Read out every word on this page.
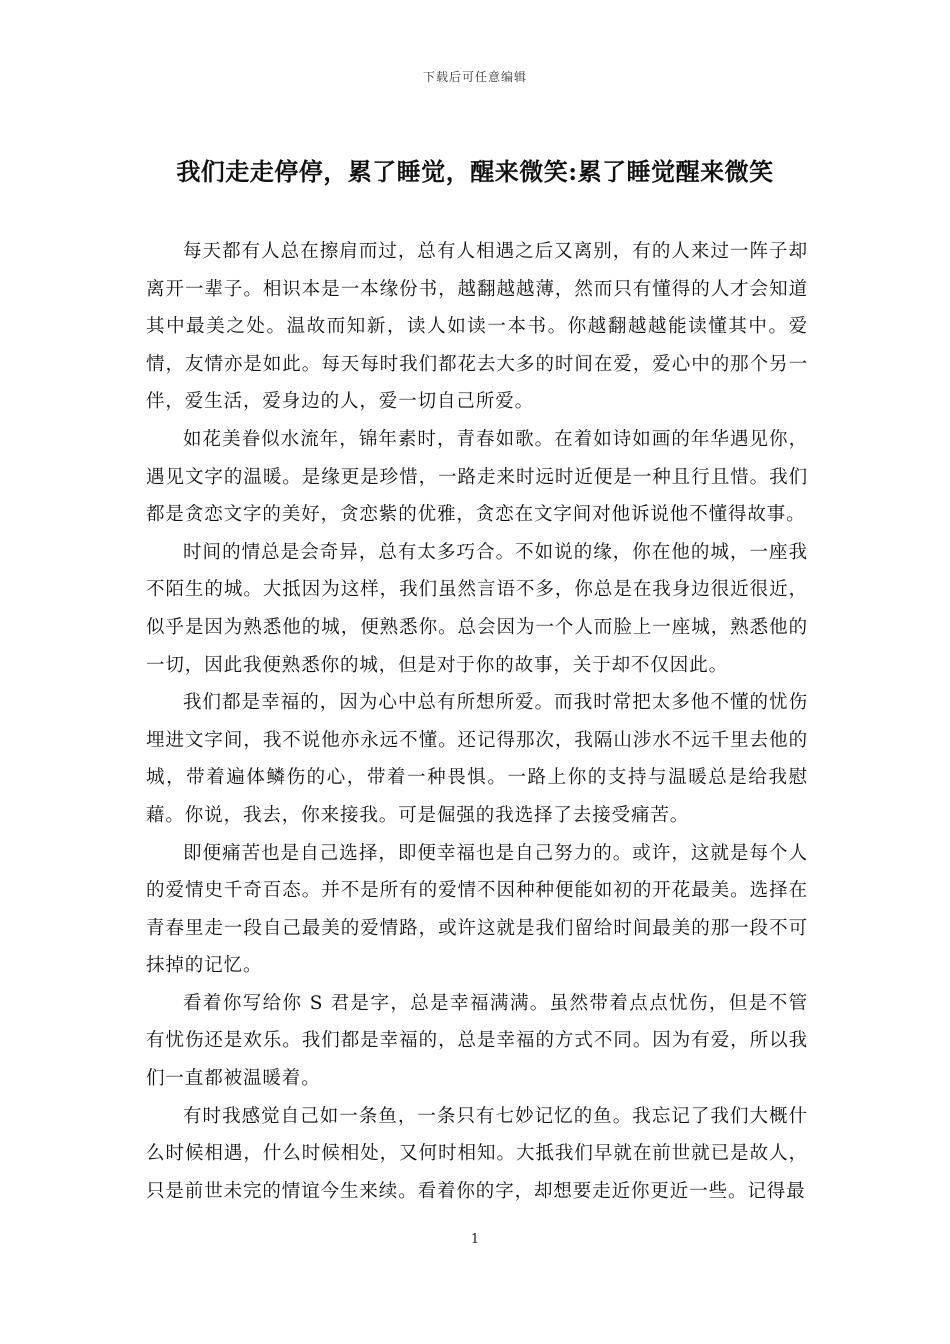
下载后可任意编辑
我们走走停停，累了睡觉，醒来微笑:累了睡觉醒来微笑

每天都有人总在擦肩而过，总有人相遇之后又离别，有的人来过一阵子却离开一辈子。相识本是一本缘份书，越翻越越薄，然而只有懂得的人才会知道其中最美之处。温故而知新，读人如读一本书。你越翻越越能读懂其中。爱情，友情亦是如此。每天每时我们都花去大多的时间在爱，爱心中的那个另一伴，爱生活，爱身边的人，爱一切自己所爱。

如花美眷似水流年，锦年素时，青春如歌。在着如诗如画的年华遇见你，遇见文字的温暖。是缘更是珍惜，一路走来时远时近便是一种且行且惜。我们都是贪恋文字的美好，贪恋紫的优雅，贪恋在文字间对他诉说他不懂得故事。

时间的情总是会奇异，总有太多巧合。不如说的缘，你在他的城，一座我不陌生的城。大抵因为这样，我们虽然言语不多，你总是在我身边很近很近，似乎是因为熟悉他的城，便熟悉你。总会因为一个人而脸上一座城，熟悉他的一切，因此我便熟悉你的城，但是对于你的故事，关于却不仅因此。

我们都是幸福的，因为心中总有所想所爱。而我时常把太多他不懂的忧伤埋进文字间，我不说他亦永远不懂。还记得那次，我隔山涉水不远千里去他的城，带着遍体鳞伤的心，带着一种畏惧。一路上你的支持与温暖总是给我慰藉。你说，我去，你来接我。可是倔强的我选择了去接受痛苦。

即便痛苦也是自己选择，即便幸福也是自己努力的。或许，这就是每个人的爱情史千奇百态。并不是所有的爱情不因种种便能如初的开花最美。选择在青春里走一段自己最美的爱情路，或许这就是我们留给时间最美的那一段不可抹掉的记忆。

看着你写给你 S 君是字，总是幸福满满。虽然带着点点忧伤，但是不管有忧伤还是欢乐。我们都是幸福的，总是幸福的方式不同。因为有爱，所以我们一直都被温暖着。

有时我感觉自己如一条鱼，一条只有七妙记忆的鱼。我忘记了我们大概什么时候相遇，什么时候相处，又何时相知。大抵我们早就在前世就已是故人，只是前世未完的情谊今生来续。看着你的字，却想要走近你更近一些。记得最

1
